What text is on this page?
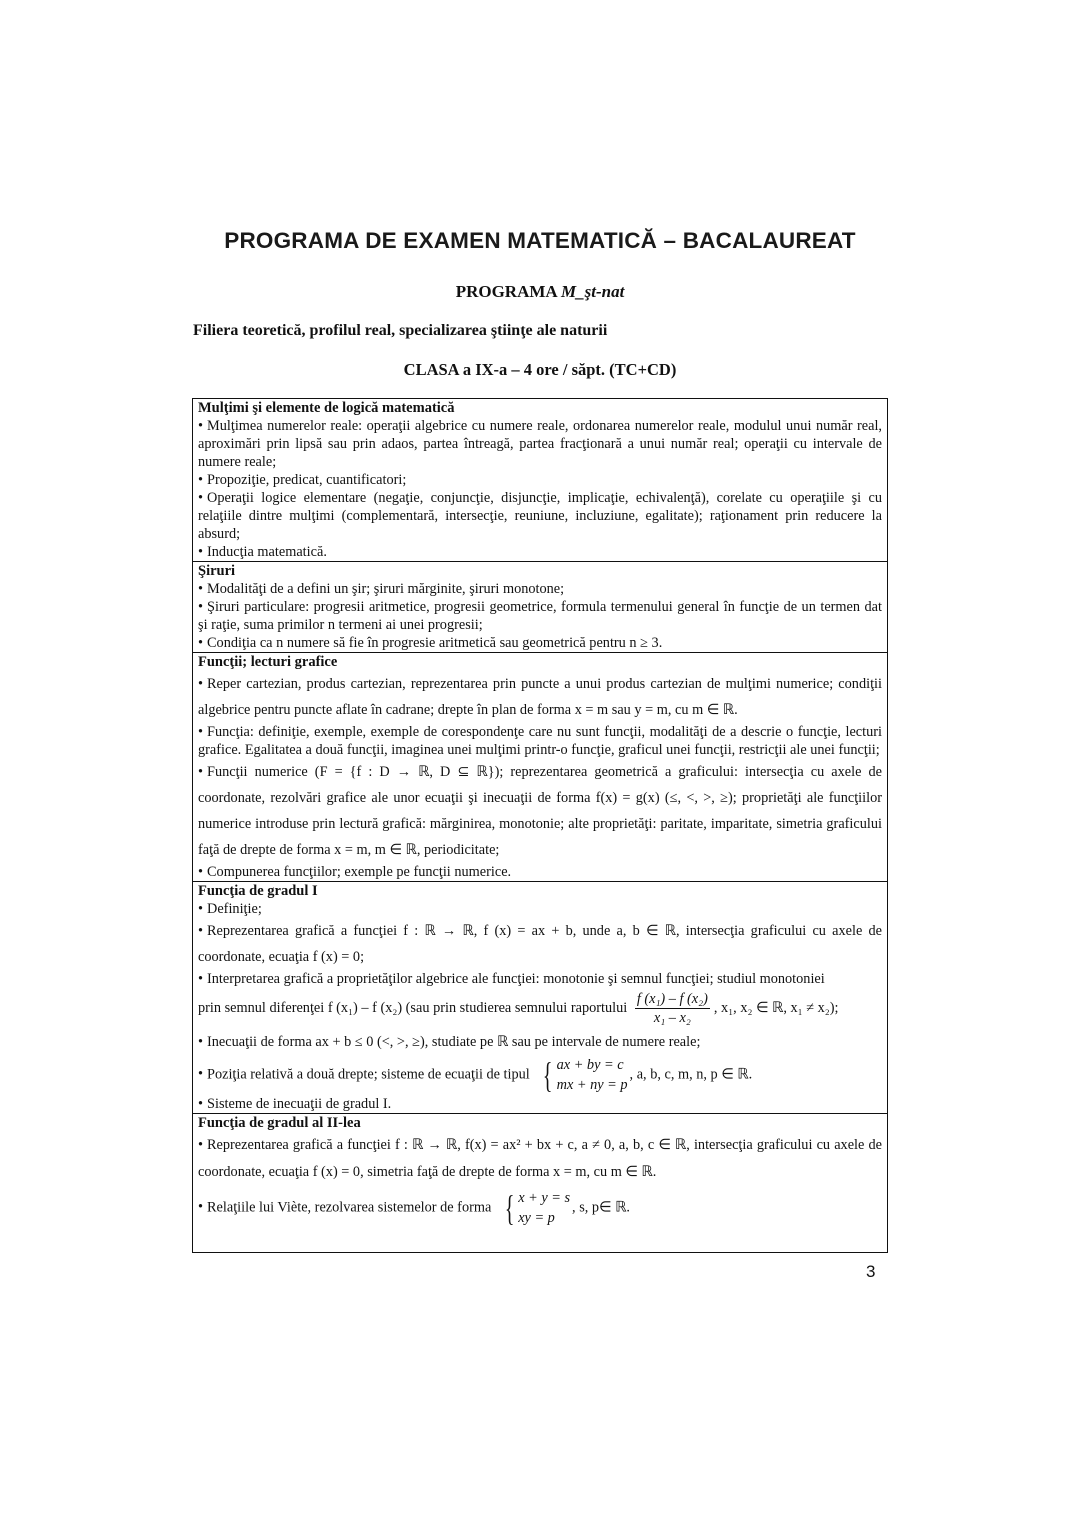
PROGRAMA DE EXAMEN MATEMATICĂ – BACALAUREAT
PROGRAMA M_şt-nat
Filiera teoretică, profilul real, specializarea ştiinţe ale naturii
CLASA a IX-a – 4 ore / săpt. (TC+CD)
Mulţimi şi elemente de logică matematică

• Mulţimea numerelor reale: operaţii algebrice cu numere reale, ordonarea numerelor reale, modulul unui număr real, aproximări prin lipsă sau prin adaos, partea întreagă, partea fracţionară a unui număr real; operaţii cu intervale de numere reale;

• Propoziţie, predicat, cuantificatori;

• Operaţii logice elementare (negaţie, conjuncţie, disjuncţie, implicaţie, echivalenţă), corelate cu operaţiile şi cu relaţiile dintre mulţimi (complementară, intersecţie, reuniune, incluziune, egalitate); raţionament prin reducere la absurd;

• Inducţia matematică.

Şiruri

• Modalităţi de a defini un şir; şiruri mărginite, şiruri monotone;

• Şiruri particulare: progresii aritmetice, progresii geometrice, formula termenului general în funcţie de un termen dat şi raţie, suma primilor n termeni ai unei progresii;

• Condiţia ca n numere să fie în progresie aritmetică sau geometrică pentru n ≥ 3.

Funcţii; lecturi grafice

• Reper cartezian, produs cartezian, reprezentarea prin puncte a unui produs cartezian de mulţimi numerice; condiţii algebrice pentru puncte aflate în cadrane; drepte în plan de forma x = m sau y = m, cu m ∈ ℝ.

• Funcţia: definiţie, exemple, exemple de corespondenţe care nu sunt funcţii, modalităţi de a descrie o funcţie, lecturi grafice. Egalitatea a două funcţii, imaginea unei mulţimi printr-o funcţie, graficul unei funcţii, restricţii ale unei funcţii;

• Funcţii numerice (F = {f : D → ℝ, D ⊆ ℝ}); reprezentarea geometrică a graficului: intersecţia cu axele de coordonate, rezolvări grafice ale unor ecuaţii şi inecuaţii de forma f(x) = g(x) (≤, <, >, ≥); proprietăţi ale funcţiilor numerice introduse prin lectură grafică: mărginirea, monotonie; alte proprietăţi: paritate, imparitate, simetria graficului faţă de drepte de forma x = m, m ∈ ℝ, periodicitate;

• Compunerea funcţiilor; exemple pe funcţii numerice.

Funcţia de gradul I

• Definiţie;

• Reprezentarea grafică a funcţiei f : ℝ → ℝ, f (x) = ax + b, unde a, b ∈ ℝ, intersecţia graficului cu axele de coordonate, ecuaţia f (x) = 0;

• Interpretarea grafică a proprietăţilor algebrice ale funcţiei: monotonie şi semnul funcţiei; studiul monotoniei

prin semnul diferenţei f (x₁) – f (x₂) (sau prin studierea semnului raportului $\frac{\text{f (x₁) – f (x₂)}}{\text{x₁ – x₂}}$ , x₁, x₂ ∈ ℝ, x₁ ≠ x₂);

• Inecuaţii de forma ax + b ≤ 0 (<, >, ≥), studiate pe ℝ sau pe intervale de numere reale;

• Poziţia relativă a două drepte; sisteme de ecuaţii de tipul { ax + by = c
mx + ny = p
, a, b, c, m, n, p ∈ ℝ.

• Sisteme de inecuaţii de gradul I.

Funcţia de gradul al II-lea

• Reprezentarea grafică a funcţiei f : ℝ → ℝ, f(x) = ax² + bx + c, a ≠ 0, a, b, c ∈ ℝ, intersecţia graficului cu axele de coordonate, ecuaţia f (x) = 0, simetria faţă de drepte de forma x = m, cu m ∈ ℝ.

• Relaţiile lui Viète, rezolvarea sistemelor de forma { x + y = s
xy = p
, s, p∈ ℝ.

3
